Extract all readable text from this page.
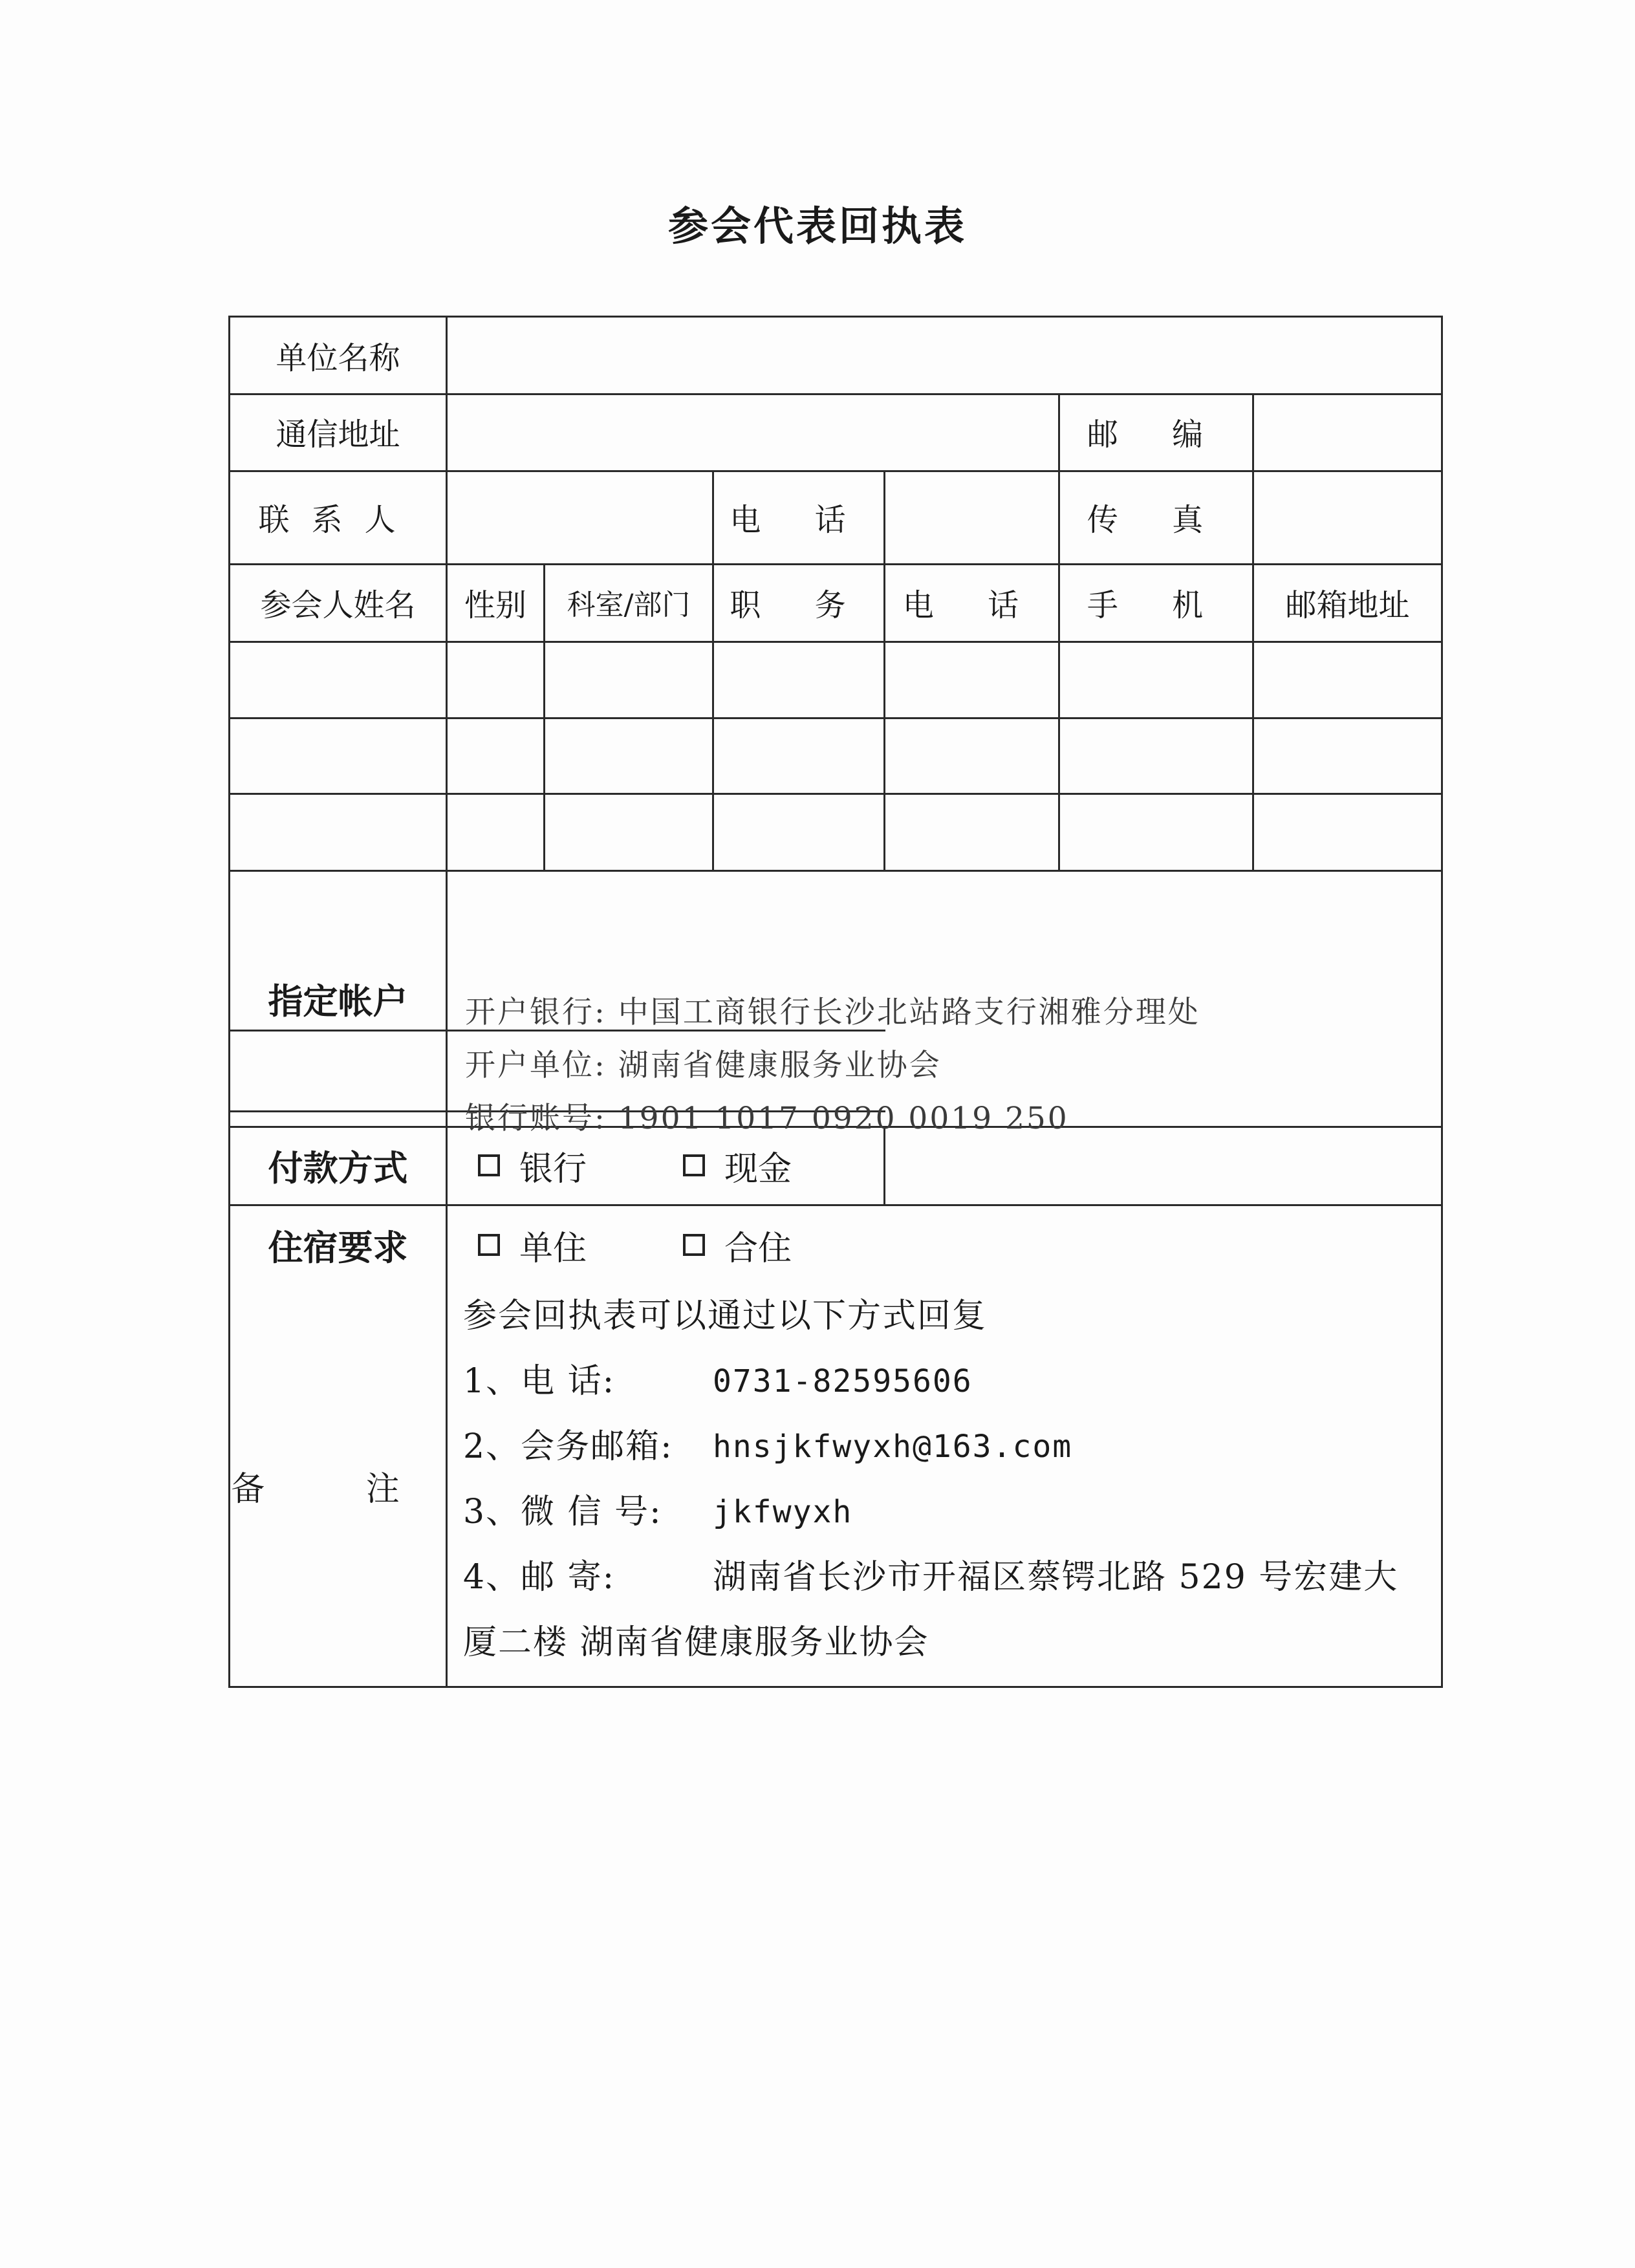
参会代表回执表
单位名称
通信地址	邮 编
联系人	电 话	传 真
参会人姓名	性别	科室/部门	职 务	电 话	手 机	邮箱地址
指定帐户	开户银行: 中国工商银行长沙北站路支行湘雅分理处
开户单位: 湖南省健康服务业协会
银行账号: 1901 1017 0920 0019 250
付款方式	银行	现金
住宿要求	单住	合住
备 注
参会回执表可以通过以下方式回复
1、电 话:	0731-82595606
2、会务邮箱:	hnsjkfwyxh@163.com
3、微 信 号:	jkfwyxh
4、邮 寄:	湖南省长沙市开福区蔡锷北路 529 号宏建大
厦二楼 湖南省健康服务业协会
